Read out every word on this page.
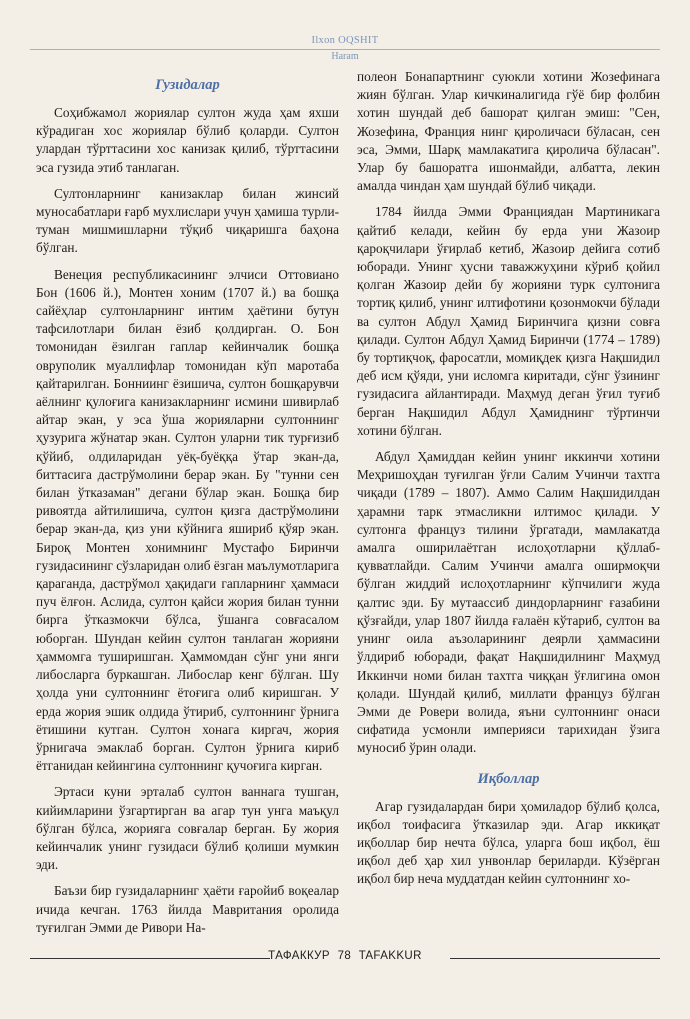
Ilxon OQSHIT
Haram
Гузидалар

Соҳибжамол жориялар султон жуда ҳам яхши кўрадиган хос жориялар бўлиб қоларди. Султон улардан тўрттасини хос канизак қилиб, тўрттасини эса гузида этиб танлаган.

Султонларнинг канизаклар билан жинсий муносабатлари ғарб мухлислари учун ҳамиша турли-туман мишмишларни тўқиб чиқаришга баҳона бўлган.

Венеция республикасининг элчиси Оттовиано Бон (1606 й.), Монтен хоним (1707 й.) ва бошқа сайёҳлар султонларнинг интим ҳаётини бутун тафсилотлари билан ёзиб қолдирган. О. Бон томонидан ёзилган гаплар кейинчалик бошқа овруполик муаллифлар томонидан кўп маротаба қайтарилган. Бонниинг ёзишича, султон бошқарувчи аёлнинг қулоғига канизакларнинг исмини шивирлаб айтар экан, у эса ўша жорияларни султоннинг ҳузурига жўнатар экан. Султон уларни тик турғизиб қўйиб, олдиларидан уёқ-буёққа ўтар экан-да, биттасига дастрўмолини берар экан. Бу "тунни сен билан ўтказаман" дегани бўлар экан. Бошқа бир ривоятда айтилишича, султон қизга дастрўмолини берар экан-да, қиз уни кўйнига яшириб қўяр экан. Бироқ Монтен хонимнинг Мустафо Биринчи гузидасининг сўзларидан олиб ёзган маълумотларига қараганда, дастрўмол ҳақидаги гапларнинг ҳаммаси пуч ёлғон. Аслида, султон қайси жория билан тунни бирга ўтказмокчи бўлса, ўшанга совғасалом юборган. Шундан кейин султон танлаган жорияни ҳаммомга туширишган. Ҳаммомдан сўнг уни янги либосларга буркашган. Либослар кенг бўлган. Шу ҳолда уни султоннинг ётоғига олиб киришган. У ерда жория эшик олдида ўтириб, султоннинг ўрнига ётишини кутган. Султон хонага киргач, жория ўрнигача эмаклаб борган. Султон ўрнига кириб ётганидан кейингина султоннинг қучоғига кирган.

Эртаси куни эрталаб султон ваннага тушган, кийимларини ўзгартирган ва агар тун унга маъқул бўлган бўлса, жорияга совғалар берган. Бу жория кейинчалик унинг гузидаси бўлиб қолиши мумкин эди.

Баъзи бир гузидаларнинг ҳаёти ғаройиб воқеалар ичида кечган. 1763 йилда Мавритания оролида туғилган Эмми де Ривори На-

полеон Бонапартнинг суюкли хотини Жозефинага жиян бўлган. Улар кичкиналигида гўё бир фолбин хотин шундай деб башорат қилган эмиш: "Сен, Жозефина, Франция нинг қироличаси бўласан, сен эса, Эмми, Шарқ мамлакатига қиролича бўласан". Улар бу башоратга ишонмайди, албатта, лекин амалда чиндан ҳам шундай бўлиб чиқади.

1784 йилда Эмми Франциядан Мартиникага қайтиб келади, кейин бу ерда уни Жазоир қароқчилари ўғирлаб кетиб, Жазоир дейига сотиб юборади. Унинг ҳусни таважжуҳини кўриб қойил қолган Жазоир дейи бу жорияни турк султонига тортиқ қилиб, унинг илтифотини қозонмокчи бўлади ва султон Абдул Ҳамид Биринчига қизни совға қилади. Султон Абдул Ҳамид Биринчи (1774 – 1789) бу тортиқчоқ, фаросатли, момиқдек қизга Нақшидил деб исм қўяди, уни исломга киритади, сўнг ўзининг гузидасига айлантиради. Маҳмуд деган ўғил туғиб берган Нақшидил Абдул Ҳамиднинг тўртинчи хотини бўлган.

Абдул Ҳамиддан кейин унинг иккинчи хотини Меҳришоҳдан туғилган ўғли Салим Учинчи тахтга чиқади (1789 – 1807). Аммо Салим Нақшидилдан ҳарамни тарк этмасликни илтимос қилади. У султонга француз тилини ўргатади, мамлакатда амалга оширилаётган ислоҳотларни қўллаб-қувватлайди. Салим Учинчи амалга оширмоқчи бўлган жиддий ислоҳотларнинг кўпчилиги жуда қалтис эди. Бу мутаассиб диндорларнинг ғазабини қўзғайди, улар 1807 йилда ғалаён кўтариб, султон ва унинг оила аъзоларининг деярли ҳаммасини ўлдириб юборади, фақат Нақшидилнинг Маҳмуд Иккинчи номи билан тахтга чиққан ўғлигина омон қолади. Шундай қилиб, миллати француз бўлган Эмми де Ровери волида, яъни султоннинг онаси сифатида усмонли империяси тарихидан ўзига муносиб ўрин олади.

Иқболлар

Агар гузидалардан бири ҳомиладор бўлиб қолса, иқбол тоифасига ўтказилар эди. Агар иккиқат иқболлар бир нечта бўлса, уларга бош иқбол, ёш иқбол деб ҳар хил унвонлар бериларди. Кўзёрган иқбол бир неча муддатдан кейин султоннинг хо-

ТАФАККУР 78 TAFAKKUR
